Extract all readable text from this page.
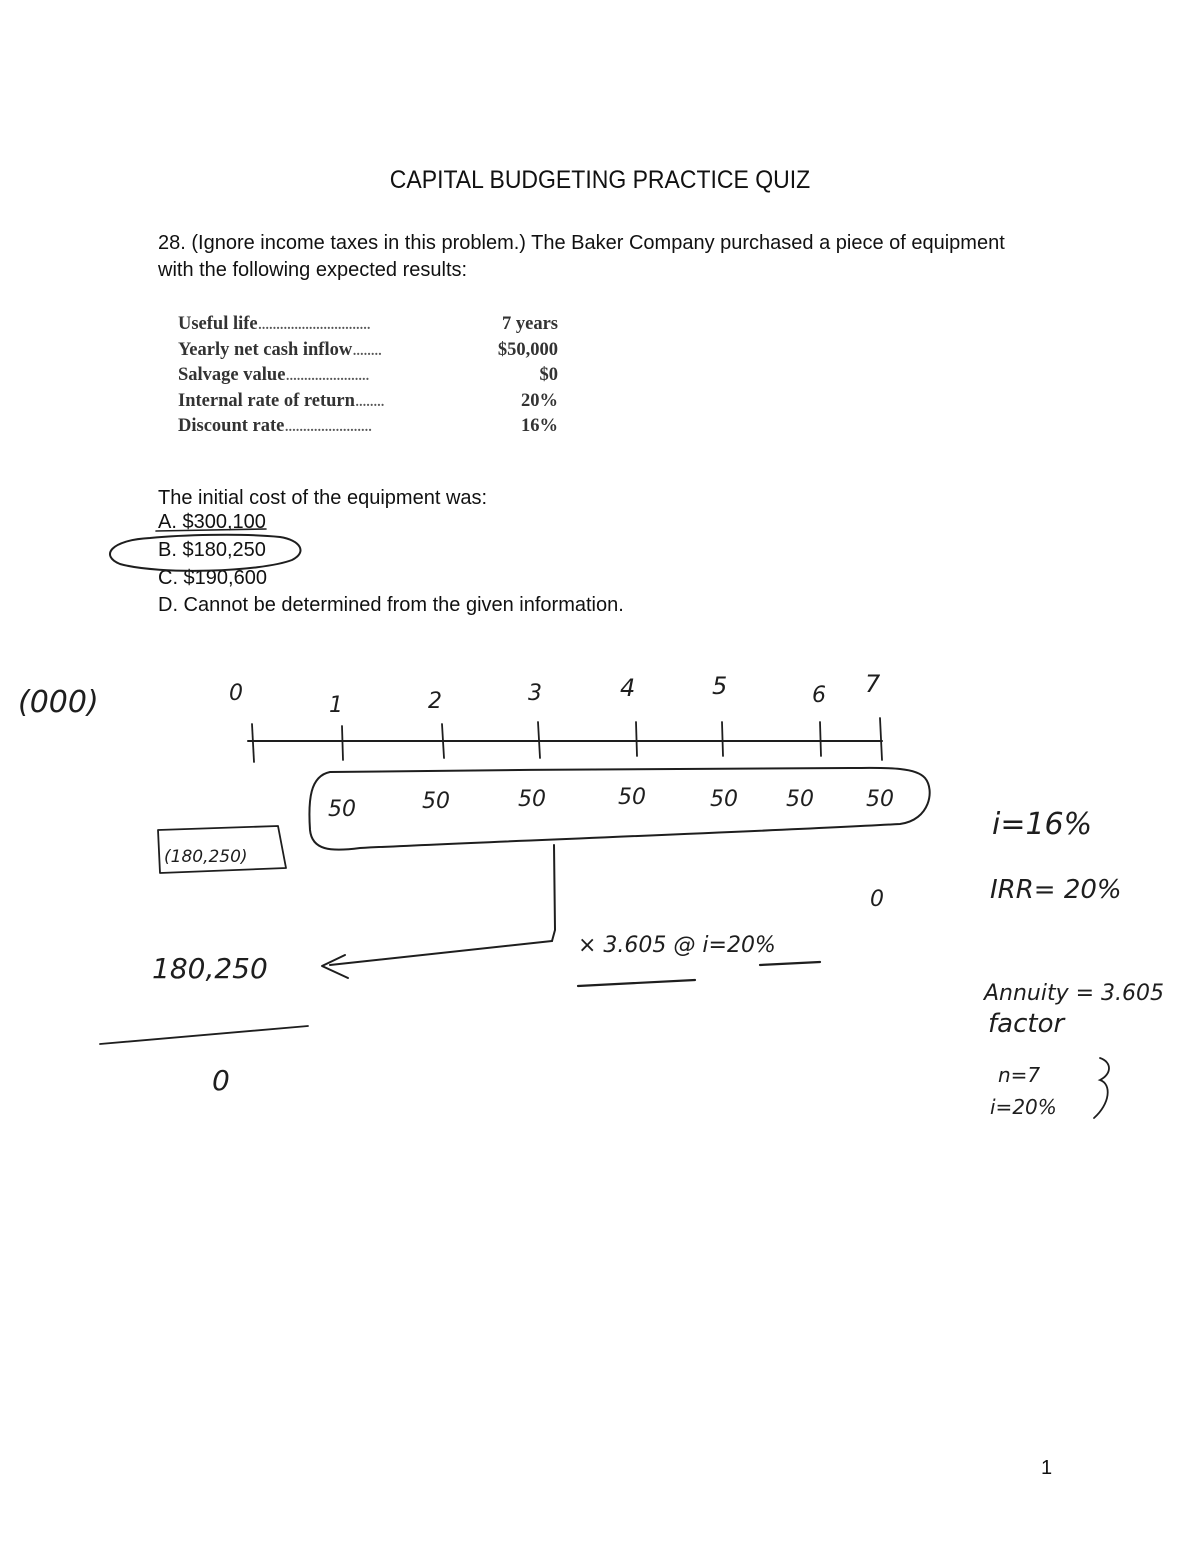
CAPITAL BUDGETING PRACTICE QUIZ
28. (Ignore income taxes in this problem.) The Baker Company purchased a piece of equipment
with the following expected results:
Useful life...............................	7 years
Yearly net cash inflow........	$50,000
Salvage value.......................	$0
Internal rate of return........	20%
Discount rate........................	16%
The initial cost of the equipment was:
A. $300,100
B. $180,250
C. $190,600
D. Cannot be determined from the given information.
1
(000)	0	1	2	3	4	5	6 7
50	50	50	50	50 50 50
(180,250)
× 3.605 @ i=20%
180,250
0
0
i=16%
IRR= 20%
Annuity = 3.605
factor
n=7
i=20%
